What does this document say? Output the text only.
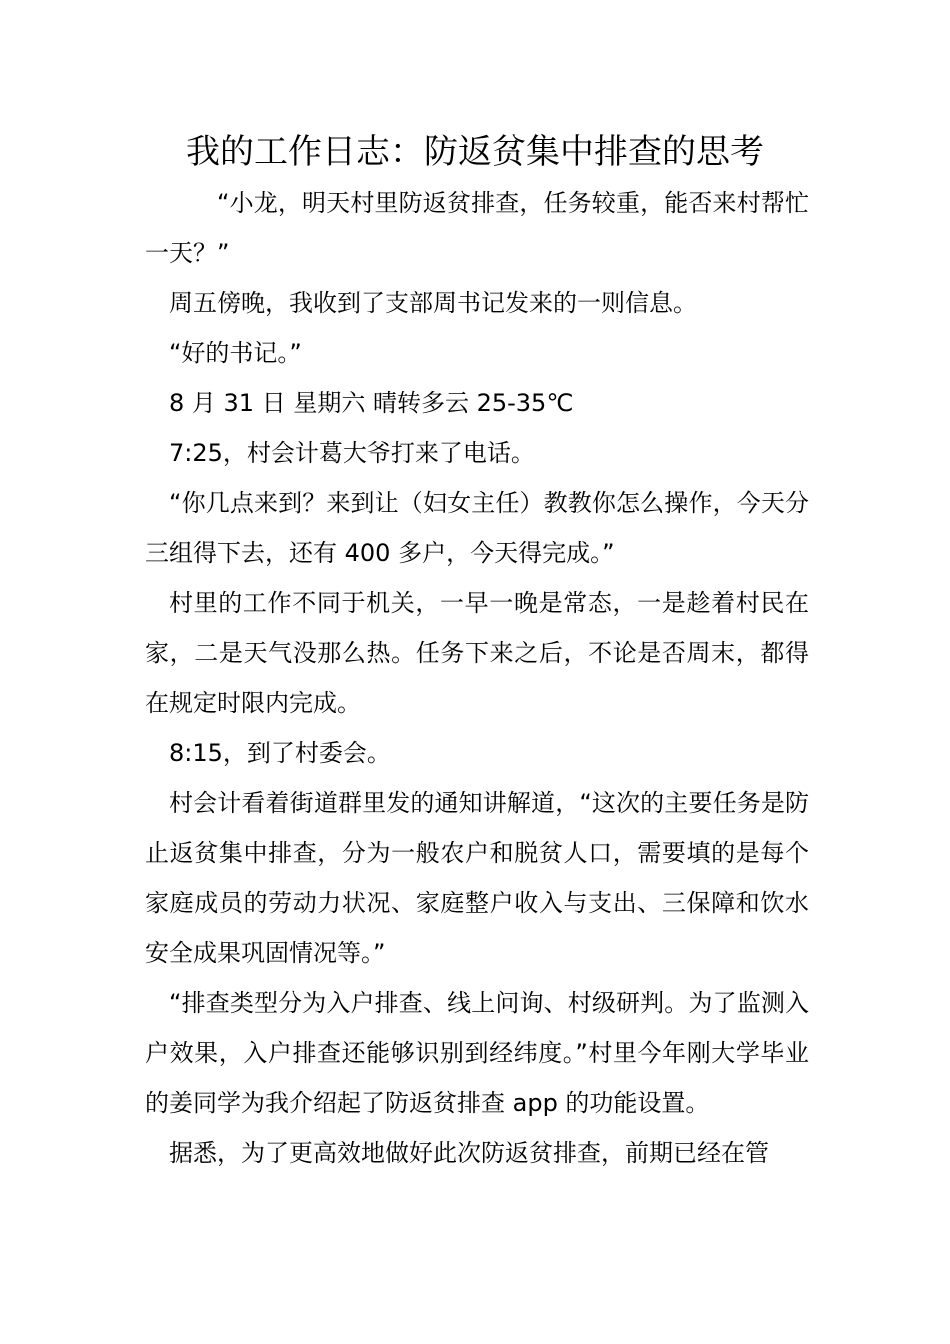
我的工作日志：防返贫集中排查的思考

“小龙，明天村里防返贫排查，任务较重，能否来村帮忙一天？”

周五傍晚，我收到了支部周书记发来的一则信息。

“好的书记。”

8 月 31 日 星期六 晴转多云 25-35℃

7:25，村会计葛大爷打来了电话。

“你几点来到？来到让（妇女主任）教教你怎么操作，今天分三组得下去，还有 400 多户，今天得完成。”

村里的工作不同于机关，一早一晚是常态，一是趁着村民在家，二是天气没那么热。任务下来之后，不论是否周末，都得在规定时限内完成。

8:15，到了村委会。

村会计看着街道群里发的通知讲解道，“这次的主要任务是防止返贫集中排查，分为一般农户和脱贫人口，需要填的是每个家庭成员的劳动力状况、家庭整户收入与支出、三保障和饮水安全成果巩固情况等。”

“排查类型分为入户排查、线上问询、村级研判。为了监测入户效果，入户排查还能够识别到经纬度。”村里今年刚大学毕业的姜同学为我介绍起了防返贫排查 app 的功能设置。

据悉，为了更高效地做好此次防返贫排查，前期已经在管
